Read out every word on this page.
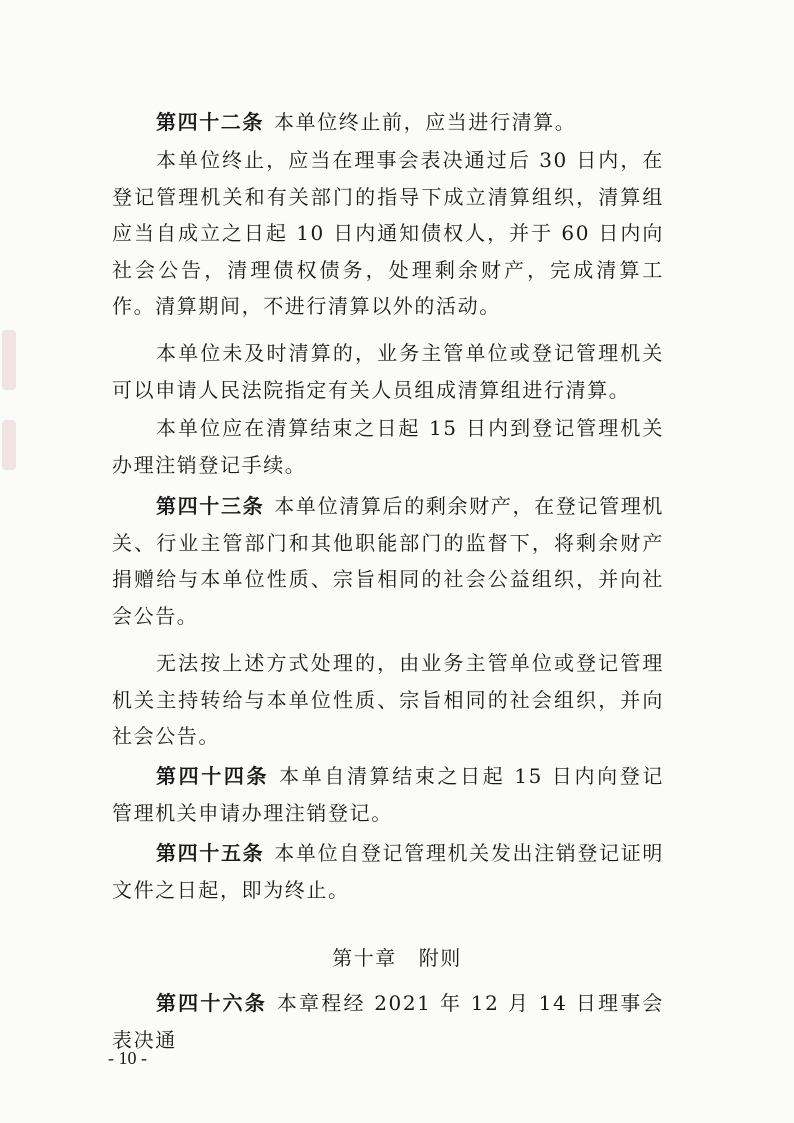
第四十二条 本单位终止前，应当进行清算。

本单位终止，应当在理事会表决通过后 30 日内，在登记管理机关和有关部门的指导下成立清算组织，清算组应当自成立之日起 10 日内通知债权人，并于 60 日内向社会公告，清理债权债务，处理剩余财产，完成清算工作。清算期间，不进行清算以外的活动。

本单位未及时清算的，业务主管单位或登记管理机关可以申请人民法院指定有关人员组成清算组进行清算。

本单位应在清算结束之日起 15 日内到登记管理机关办理注销登记手续。

第四十三条 本单位清算后的剩余财产，在登记管理机关、行业主管部门和其他职能部门的监督下，将剩余财产捐赠给与本单位性质、宗旨相同的社会公益组织，并向社会公告。

无法按上述方式处理的，由业务主管单位或登记管理机关主持转给与本单位性质、宗旨相同的社会组织，并向社会公告。

第四十四条 本单自清算结束之日起 15 日内向登记管理机关申请办理注销登记。

第四十五条 本单位自登记管理机关发出注销登记证明文件之日起，即为终止。

第十章 附则

第四十六条 本章程经 2021 年 12 月 14 日理事会表决通

- 10 -
